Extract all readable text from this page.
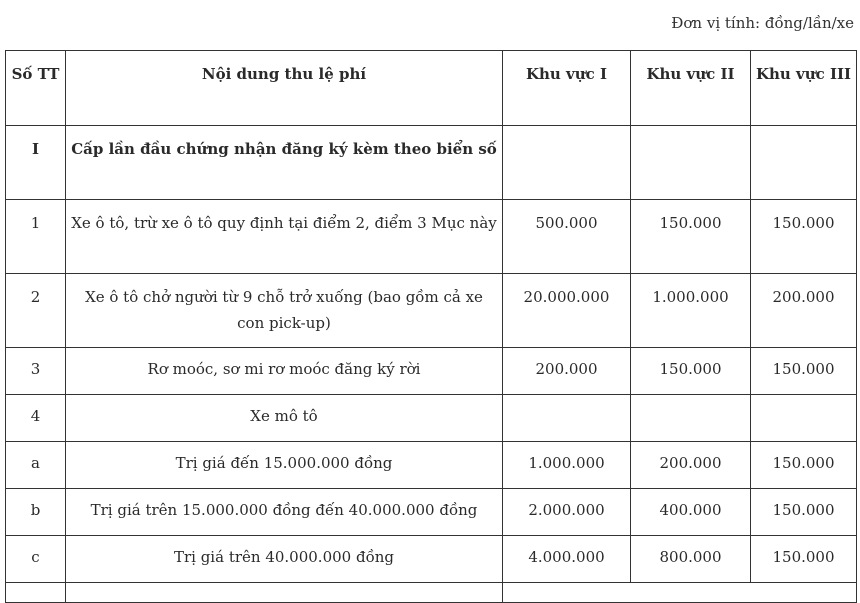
Đơn vị tính: đồng/lần/xe
Số TT	Nội dung thu lệ phí	Khu vực I	Khu vực II	Khu vực III
I	Cấp lần đầu chứng nhận đăng ký kèm theo biển số			
1	Xe ô tô, trừ xe ô tô quy định tại điểm 2, điểm 3 Mục này	500.000	150.000	150.000
2	Xe ô tô chở người từ 9 chỗ trở xuống (bao gồm cả xe con pick-up)	20.000.000	1.000.000	200.000
3	Rơ moóc, sơ mi rơ moóc đăng ký rời	200.000	150.000	150.000
4	Xe mô tô			
a	Trị giá đến 15.000.000 đồng	1.000.000	200.000	150.000
b	Trị giá trên 15.000.000 đồng đến 40.000.000 đồng	2.000.000	400.000	150.000
c	Trị giá trên 40.000.000 đồng	4.000.000	800.000	150.000
